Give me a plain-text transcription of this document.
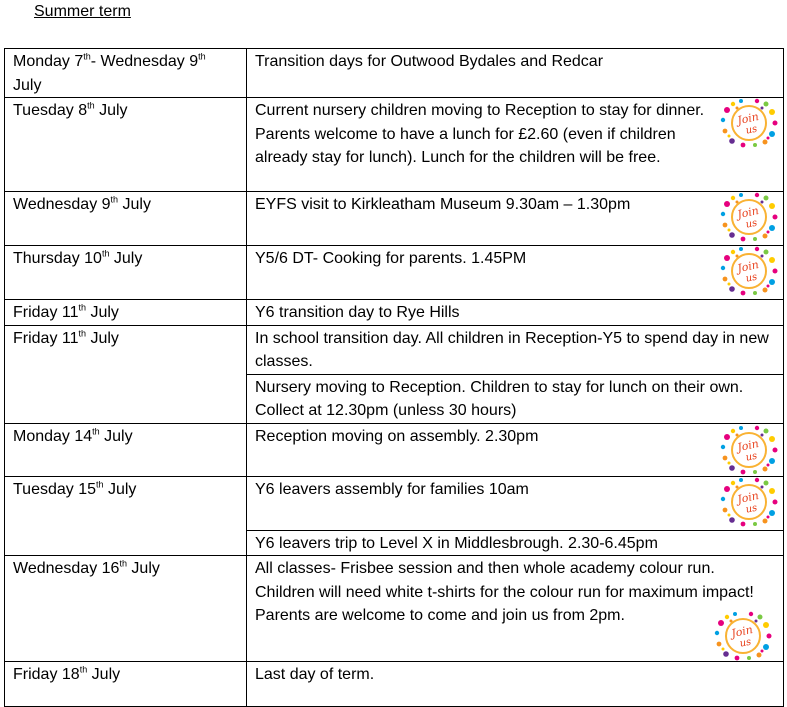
Summer term
Monday 7th- Wednesday 9th July	Transition days for Outwood Bydales and Redcar
Tuesday 8th July	Current nursery children moving to Reception to stay for dinner. Parents welcome to have a lunch for £2.60 (even if children already stay for lunch). Lunch for the children will be free.

Wednesday 9th July	EYFS visit to Kirkleatham Museum 9.30am – 1.30pm

Thursday 10th July	Y5/6 DT- Cooking for parents. 1.45PM

Friday 11th July	Y6 transition day to Rye Hills
Friday 11th July	In school transition day. All children in Reception-Y5 to spend day in new classes.
	Nursery moving to Reception. Children to stay for lunch on their own. Collect at 12.30pm (unless 30 hours)
Monday 14th July	Reception moving on assembly. 2.30pm

Tuesday 15th July	Y6 leavers assembly for families 10am

	Y6 leavers trip to Level X in Middlesbrough. 2.30-6.45pm
Wednesday 16th July	All classes- Frisbee session and then whole academy colour run. Children will need white t-shirts for the colour run for maximum impact!
Parents are welcome to come and join us from 2pm.

Friday 18th July	Last day of term.
